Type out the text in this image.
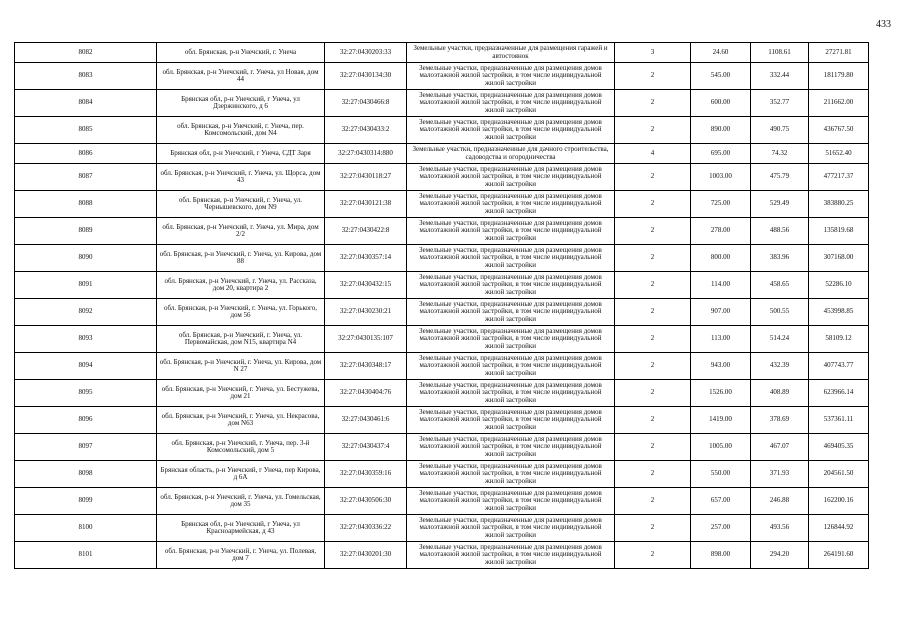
433
8082	обл. Брянская, р-н Унечский, г. Унеча	32:27:0430203:33	Земельные участки, предназначенные для размещения гаражей и автостоянок	3	24.60	1108.61	27271.81
8083	обл. Брянская, р-н Унечский, г. Унеча, ул Новая, дом 44	32:27:0430134:30	Земельные участки, предназначенные для размещения домов малоэтажной жилой застройки, в том числе индивидуальной жилой застройки	2	545.00	332.44	181179.80
8084	Брянская обл, р-н Унечский, г Унеча, ул Дзержинского, д 6	32:27:0430466:8	Земельные участки, предназначенные для размещения домов малоэтажной жилой застройки, в том числе индивидуальной жилой застройки	2	600.00	352.77	211662.00
8085	обл. Брянская, р-н Унечский, г. Унеча, пер. Комсомольский, дом N4	32:27:0430433:2	Земельные участки, предназначенные для размещения домов малоэтажной жилой застройки, в том числе индивидуальной жилой застройки	2	890.00	490.75	436767.50
8086	Брянская обл, р-н Унечский, г Унеча, СДТ Заря	32:27:0430314:880	Земельные участки, предназначенные для дачного строительства, садоводства и огородничества	4	695.00	74.32	51652.40
8087	обл. Брянская, р-н Унечский, г. Унеча, ул. Щорса, дом 43	32:27:0430118:27	Земельные участки, предназначенные для размещения домов малоэтажной жилой застройки, в том числе индивидуальной жилой застройки	2	1003.00	475.79	477217.37
8088	обл. Брянская, р-н Унечский, г. Унеча, ул. Чернышевского, дом N9	32:27:0430121:38	Земельные участки, предназначенные для размещения домов малоэтажной жилой застройки, в том числе индивидуальной жилой застройки	2	725.00	529.49	383880.25
8089	обл. Брянская, р-н Унечский, г. Унеча, ул. Мира, дом 2/2	32:27:0430422:8	Земельные участки, предназначенные для размещения домов малоэтажной жилой застройки, в том числе индивидуальной жилой застройки	2	278.00	488.56	135819.68
8090	обл. Брянская, р-н Унечский, г. Унеча, ул. Кирова, дом 88	32:27:0430357:14	Земельные участки, предназначенные для размещения домов малоэтажной жилой застройки, в том числе индивидуальной жилой застройки	2	800.00	383.96	307168.00
8091	обл. Брянская, р-н Унечский, г. Унеча, ул. Рассказа, дом 20, квартира 2	32:27:0430432:15	Земельные участки, предназначенные для размещения домов малоэтажной жилой застройки, в том числе индивидуальной жилой застройки	2	114.00	458.65	52286.10
8092	обл. Брянская, р-н Унечский, г. Унеча, ул. Горького, дом 56	32:27:0430230:21	Земельные участки, предназначенные для размещения домов малоэтажной жилой застройки, в том числе индивидуальной жилой застройки	2	907.00	500.55	453998.85
8093	обл. Брянская, р-н Унечский, г. Унеча, ул. Первомайская, дом N15, квартира N4	32:27:0430135:107	Земельные участки, предназначенные для размещения домов малоэтажной жилой застройки, в том числе индивидуальной жилой застройки	2	113.00	514.24	58109.12
8094	обл. Брянская, р-н Унечский, г. Унеча, ул. Кирова, дом N 27	32:27:0430348:17	Земельные участки, предназначенные для размещения домов малоэтажной жилой застройки, в том числе индивидуальной жилой застройки	2	943.00	432.39	407743.77
8095	обл. Брянская, р-н Унечский, г. Унеча, ул. Бестужева, дом 21	32:27:0430404:76	Земельные участки, предназначенные для размещения домов малоэтажной жилой застройки, в том числе индивидуальной жилой застройки	2	1526.00	408.89	623966.14
8096	обл. Брянская, р-н Унечский, г. Унеча, ул. Некрасова, дом N63	32:27:0430461:6	Земельные участки, предназначенные для размещения домов малоэтажной жилой застройки, в том числе индивидуальной жилой застройки	2	1419.00	378.69	537361.11
8097	обл. Брянская, р-н Унечский, г. Унеча, пер. 3-й Комсомольский, дом 5	32:27:0430437:4	Земельные участки, предназначенные для размещения домов малоэтажной жилой застройки, в том числе индивидуальной жилой застройки	2	1005.00	467.07	469405.35
8098	Брянская область, р-н Унечский, г Унеча, пер Кирова, д 6А	32:27:0430359:16	Земельные участки, предназначенные для размещения домов малоэтажной жилой застройки, в том числе индивидуальной жилой застройки	2	550.00	371.93	204561.50
8099	обл. Брянская, р-н Унечский, г. Унеча, ул. Гомельская, дом 35	32:27:0430506:30	Земельные участки, предназначенные для размещения домов малоэтажной жилой застройки, в том числе индивидуальной жилой застройки	2	657.00	246.88	162200.16
8100	Брянская обл, р-н Унечский, г Унеча, ул Красноармейская, д 43	32:27:0430336:22	Земельные участки, предназначенные для размещения домов малоэтажной жилой застройки, в том числе индивидуальной жилой застройки	2	257.00	493.56	126844.92
8101	обл. Брянская, р-н Унечский, г. Унеча, ул. Полевая, дом 7	32:27:0430201:30	Земельные участки, предназначенные для размещения домов малоэтажной жилой застройки, в том числе индивидуальной жилой застройки	2	898.00	294.20	264191.60
